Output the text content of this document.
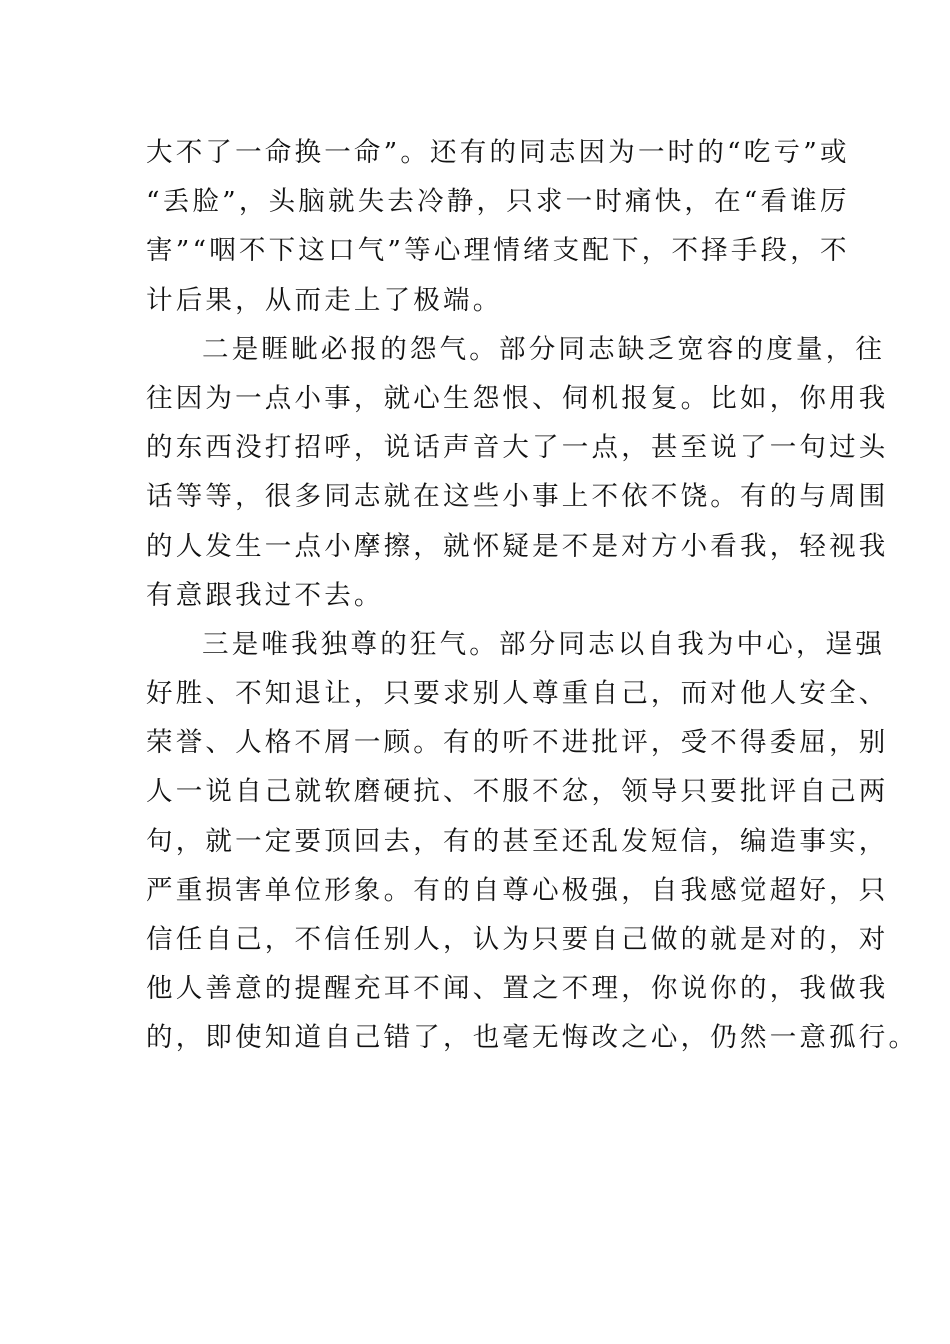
大不了一命换一命”。还有的同志因为一时的“吃亏”或
“丢脸”，头脑就失去冷静，只求一时痛快，在“看谁厉
害”“咽不下这口气”等心理情绪支配下，不择手段，不
计后果，从而走上了极端。
二是睚眦必报的怨气。部分同志缺乏宽容的度量，往
往因为一点小事，就心生怨恨、伺机报复。比如，你用我
的东西没打招呼，说话声音大了一点，甚至说了一句过头
话等等，很多同志就在这些小事上不依不饶。有的与周围
的人发生一点小摩擦，就怀疑是不是对方小看我，轻视我
有意跟我过不去。
三是唯我独尊的狂气。部分同志以自我为中心，逞强
好胜、不知退让，只要求别人尊重自己，而对他人安全、
荣誉、人格不屑一顾。有的听不进批评，受不得委屈，别
人一说自己就软磨硬抗、不服不忿，领导只要批评自己两
句，就一定要顶回去，有的甚至还乱发短信，编造事实，
严重损害单位形象。有的自尊心极强，自我感觉超好，只
信任自己，不信任别人，认为只要自己做的就是对的，对
他人善意的提醒充耳不闻、置之不理，你说你的，我做我
的，即使知道自己错了，也毫无悔改之心，仍然一意孤行。
